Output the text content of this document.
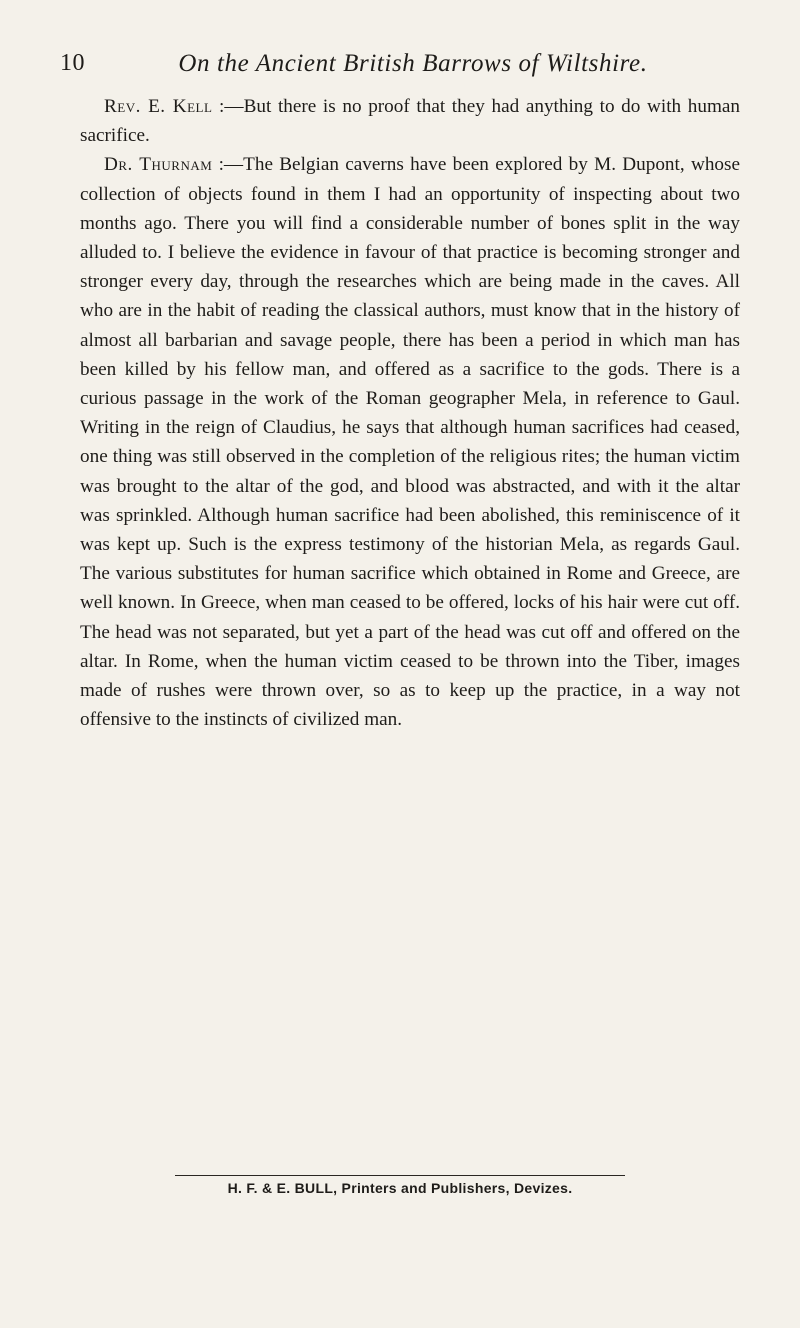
10	On the Ancient British Barrows of Wiltshire.

Rev. E. Kell :—But there is no proof that they had anything to do with human sacrifice.

Dr. Thurnam :—The Belgian caverns have been explored by M. Dupont, whose collection of objects found in them I had an opportunity of inspecting about two months ago. There you will find a considerable number of bones split in the way alluded to. I believe the evidence in favour of that practice is becoming stronger and stronger every day, through the researches which are being made in the caves. All who are in the habit of reading the classical authors, must know that in the history of almost all barbarian and savage people, there has been a period in which man has been killed by his fellow man, and offered as a sacrifice to the gods. There is a curious passage in the work of the Roman geographer Mela, in reference to Gaul. Writing in the reign of Claudius, he says that although human sacrifices had ceased, one thing was still observed in the completion of the religious rites; the human victim was brought to the altar of the god, and blood was abstracted, and with it the altar was sprinkled. Although human sacrifice had been abolished, this reminiscence of it was kept up. Such is the express testimony of the historian Mela, as regards Gaul. The various substitutes for human sacrifice which obtained in Rome and Greece, are well known. In Greece, when man ceased to be offered, locks of his hair were cut off. The head was not separated, but yet a part of the head was cut off and offered on the altar. In Rome, when the human victim ceased to be thrown into the Tiber, images made of rushes were thrown over, so as to keep up the practice, in a way not offensive to the instincts of civilized man.

H. F. & E. BULL, Printers and Publishers, Devizes.
